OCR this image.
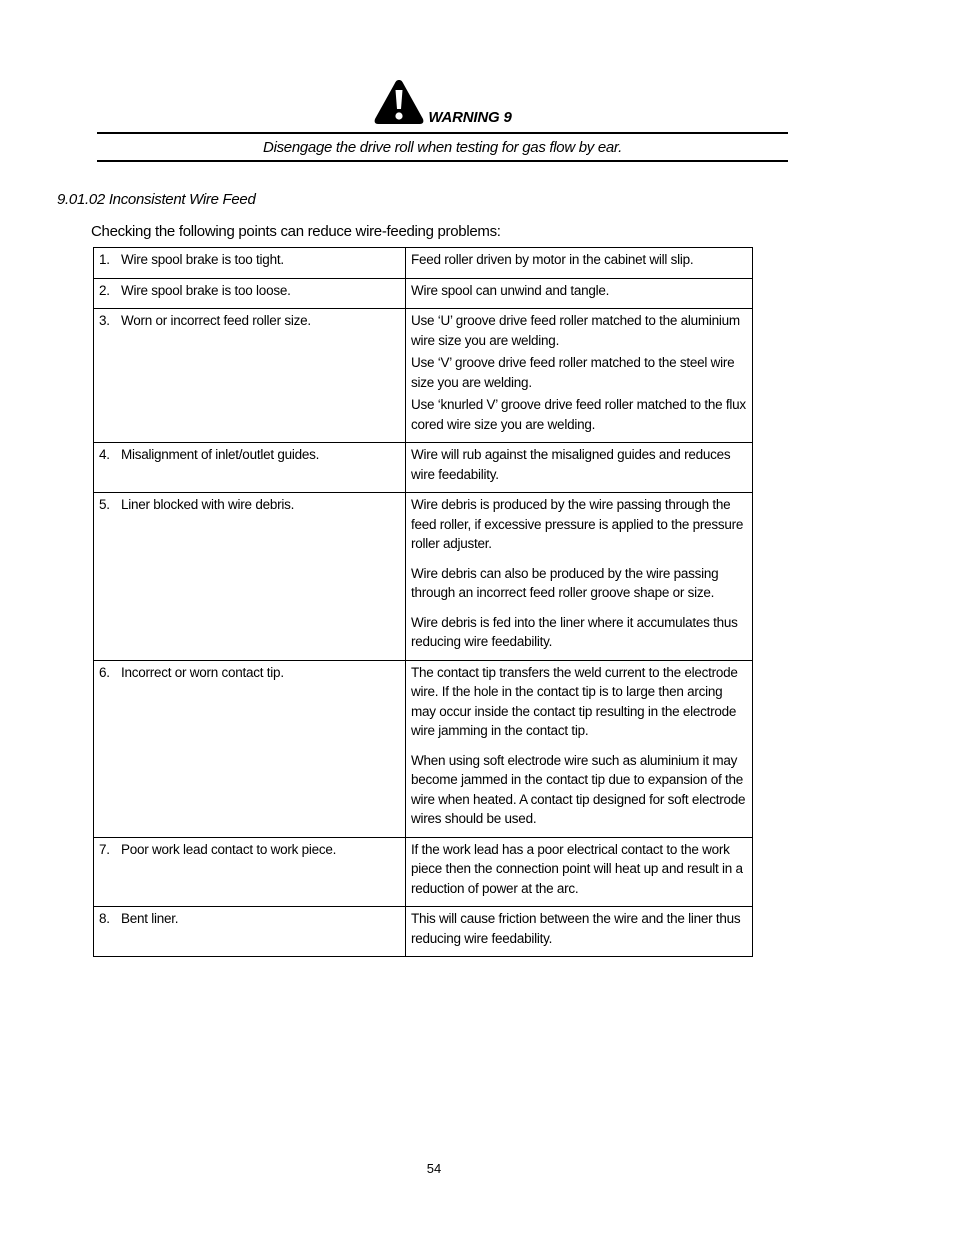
WARNING 9
Disengage the drive roll when testing for gas flow by ear.
9.01.02 Inconsistent Wire Feed
Checking the following points can reduce wire-feeding problems:
1. Wire spool brake is too tight.	Feed roller driven by motor in the cabinet will slip.

2. Wire spool brake is too loose.	Wire spool can unwind and tangle.

3. Worn or incorrect feed roller size.	Use ‘U’ groove drive feed roller matched to the aluminium wire size you are welding.

Use ‘V’ groove drive feed roller matched to the steel wire size you are welding.

Use ‘knurled V’ groove drive feed roller matched to the flux cored wire size you are welding.

4. Misalignment of inlet/outlet guides.	Wire will rub against the misaligned guides and reduces wire feedability.

5. Liner blocked with wire debris.	Wire debris is produced by the wire passing through the feed roller, if excessive pressure is applied to the pressure roller adjuster.

Wire debris can also be produced by the wire passing through an incorrect feed roller groove shape or size.

Wire debris is fed into the liner where it accumulates thus reducing wire feedability.

6. Incorrect or worn contact tip.	The contact tip transfers the weld current to the electrode wire. If the hole in the contact tip is to large then arcing may occur inside the contact tip resulting in the electrode wire jamming in the contact tip.

When using soft electrode wire such as aluminium it may become jammed in the contact tip due to expansion of the wire when heated. A contact tip designed for soft electrode wires should be used.

7. Poor work lead contact to work piece.	If the work lead has a poor electrical contact to the work piece then the connection point will heat up and result in a reduction of power at the arc.

8. Bent liner.	This will cause friction between the wire and the liner thus reducing wire feedability.

54
